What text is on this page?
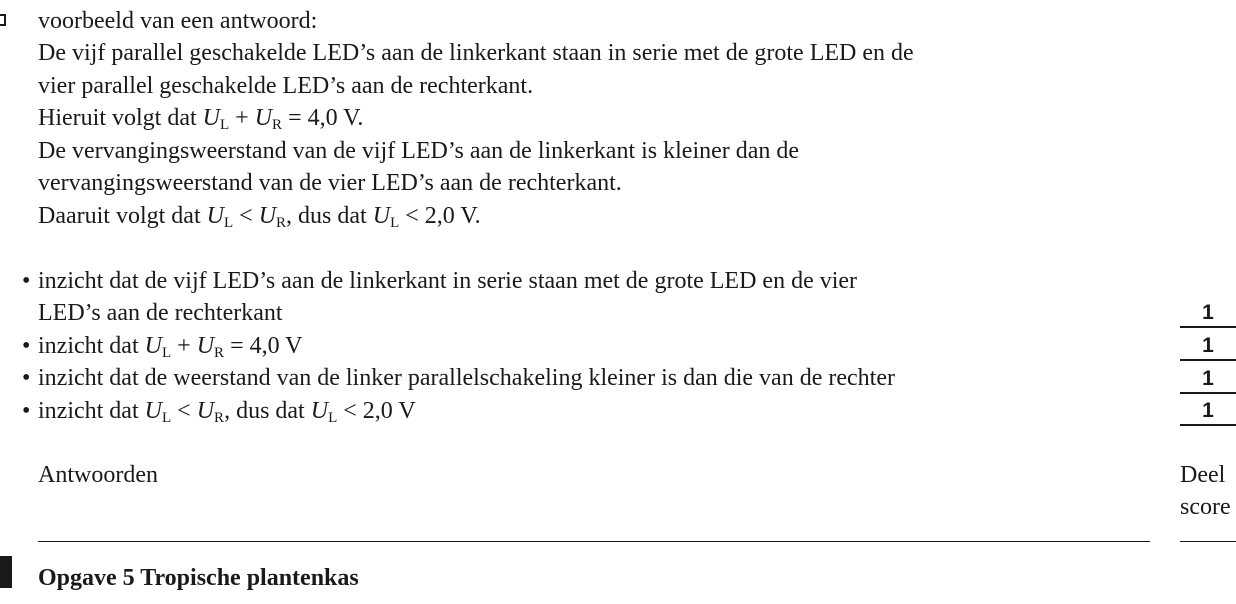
voorbeeld van een antwoord:
De vijf parallel geschakelde LED’s aan de linkerkant staan in serie met de grote LED en de
vier parallel geschakelde LED’s aan de rechterkant.
Hieruit volgt dat $U_L + U_R = 4,0$ V.
De vervangingsweerstand van de vijf LED’s aan de linkerkant is kleiner dan de
vervangingsweerstand van de vier LED’s aan de rechterkant.
Daaruit volgt dat $U_L < U_R$, dus dat $U_L < 2,0$ V.
• inzicht dat de vijf LED’s aan de linkerkant in serie staan met de grote LED en de vier
LED’s aan de rechterkant
• inzicht dat $U_L + U_R = 4,0$ V
• inzicht dat de weerstand van de linker parallelschakeling kleiner is dan die van de rechter
• inzicht dat $U_L < U_R$, dus dat $U_L < 2,0$ V
1
1
1
1
Antwoorden	Deel
score
Opgave 5 Tropische plantenkas
